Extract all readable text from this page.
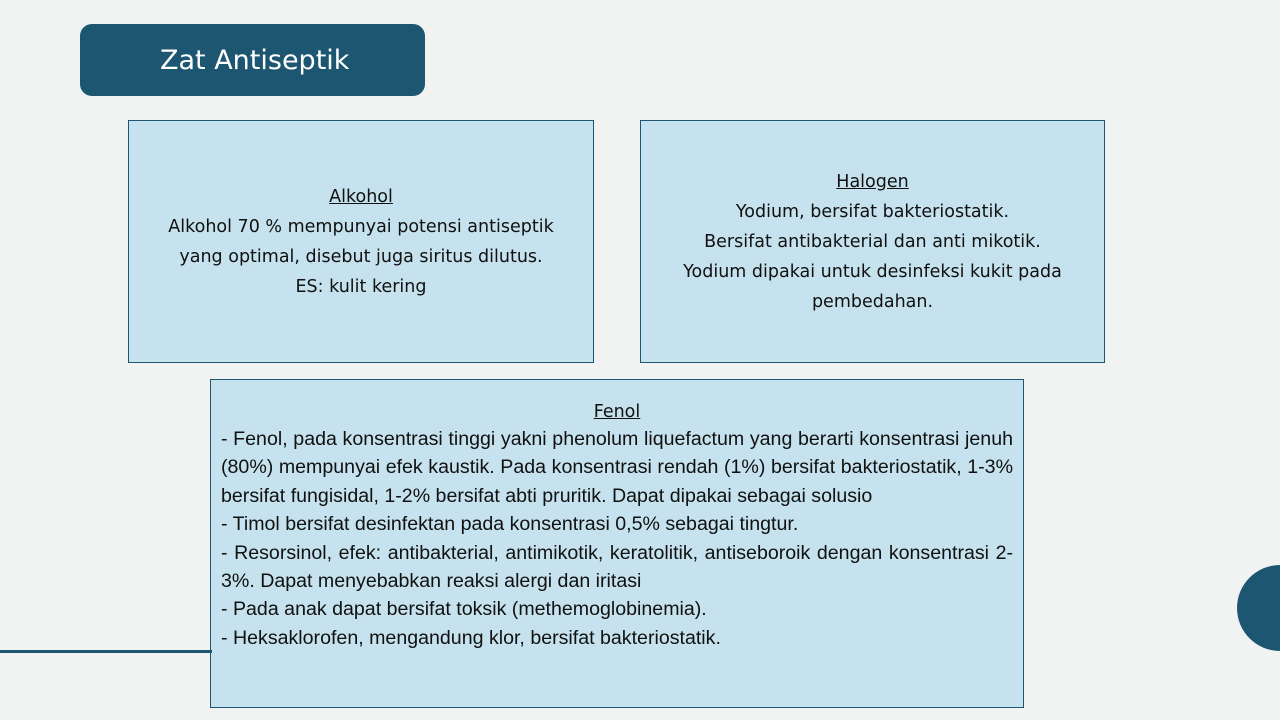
Zat Antiseptik
Alkohol
Alkohol 70 % mempunyai potensi antiseptik
yang optimal, disebut juga siritus dilutus.
ES: kulit kering
Halogen
Yodium, bersifat bakteriostatik.
Bersifat antibakterial dan anti mikotik.
Yodium dipakai untuk desinfeksi kukit pada
pembedahan.
Fenol
- Fenol, pada konsentrasi tinggi yakni phenolum liquefactum yang berarti konsentrasi jenuh (80%) mempunyai efek kaustik. Pada konsentrasi rendah (1%) bersifat bakteriostatik, 1-3% bersifat fungisidal, 1-2% bersifat abti pruritik. Dapat dipakai sebagai solusio
- Timol bersifat desinfektan pada konsentrasi 0,5% sebagai tingtur.
- Resorsinol, efek: antibakterial, antimikotik, keratolitik, antiseboroik dengan konsentrasi 2-3%. Dapat menyebabkan reaksi alergi dan iritasi
- Pada anak dapat bersifat toksik (methemoglobinemia).
- Heksaklorofen, mengandung klor, bersifat bakteriostatik.
